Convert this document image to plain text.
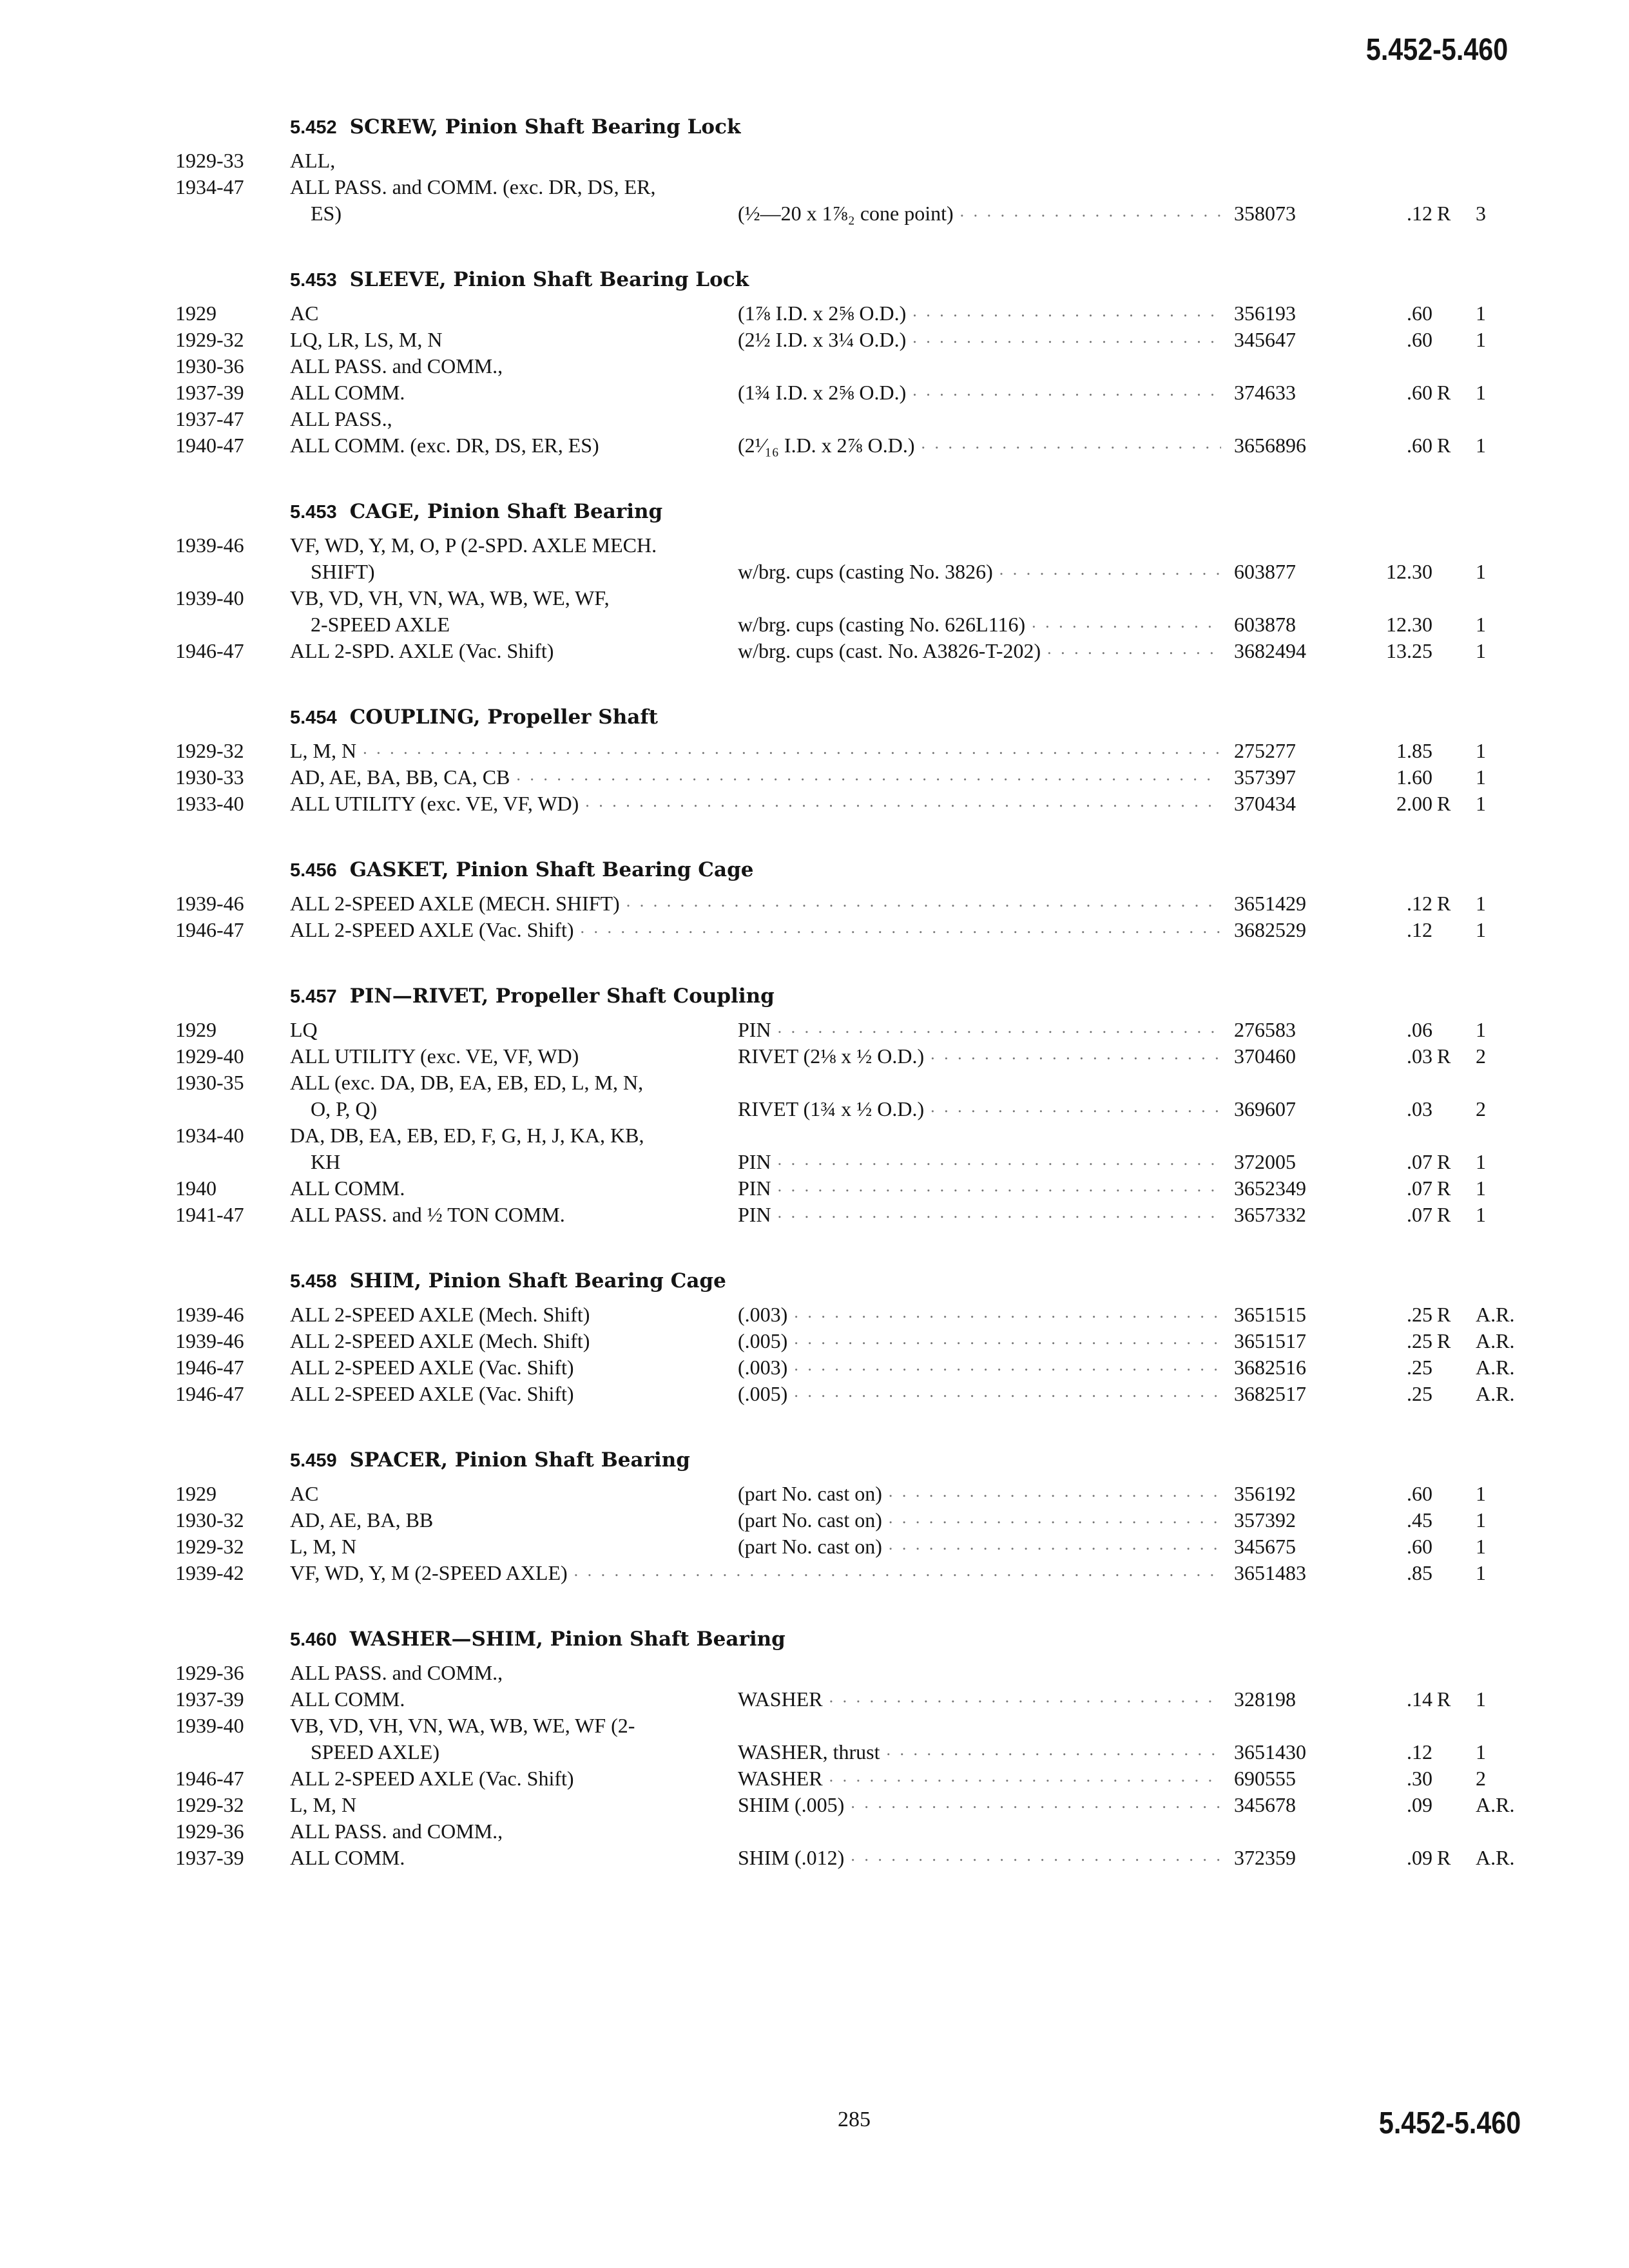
5.452-5.460
5.452 SCREW, Pinion Shaft Bearing Lock
1929-33 ALL,
1934-47 ALL PASS. and COMM. (exc. DR, DS, ER,
ES)	(½—20 x 1⅞₂ cone point)	358073	.12 R 3
. . .
5.453 SLEEVE, Pinion Shaft Bearing Lock
1929	AC	(1⅞ I.D. x 2⅝ O.D.)	356193	.60 1
. . .
1929-32 LQ, LR, LS, M, N	(2½ I.D. x 3¼ O.D.)	345647	.60 1
. . .
1930-36 ALL PASS. and COMM.,
1937-39 ALL COMM.	(1¾ I.D. x 2⅝ O.D.)	374633	.60 R 1
. . .
1937-47 ALL PASS.,
1940-47 ALL COMM. (exc. DR, DS, ER, ES)	(2¹⁄₁₆ I.D. x 2⅞ O.D.)	3656896	.60 R 1
. . .
5.453 CAGE, Pinion Shaft Bearing
1939-46 VF, WD, Y, M, O, P (2-SPD. AXLE MECH.
SHIFT)	w/brg. cups (casting No. 3826)	603877	12.30 1
. . .
1939-40 VB, VD, VH, VN, WA, WB, WE, WF,
2-SPEED AXLE	w/brg. cups (casting No. 626L116)	603878	12.30 1
. . .
1946-47 ALL 2-SPD. AXLE (Vac. Shift)	w/brg. cups (cast. No. A3826-T-202)	3682494	13.25 1
. . .
5.454 COUPLING, Propeller Shaft
1929-32 L, M, N	275277	1.85 1
. . .
1930-33 AD, AE, BA, BB, CA, CB	357397	1.60 1
. . .
1933-40 ALL UTILITY (exc. VE, VF, WD)	370434	2.00 R 1
. . .
5.456 GASKET, Pinion Shaft Bearing Cage
1939-46 ALL 2-SPEED AXLE (MECH. SHIFT)	3651429	.12 R 1
. . .
1946-47 ALL 2-SPEED AXLE (Vac. Shift)	3682529	.12 1
. . .
5.457 PIN—RIVET, Propeller Shaft Coupling
1929	LQ	PIN	276583	.06 1
. . .
1929-40 ALL UTILITY (exc. VE, VF, WD)	RIVET (2⅛ x ½ O.D.)	370460	.03 R 2
. . .
1930-35 ALL (exc. DA, DB, EA, EB, ED, L, M, N,
O, P, Q)	RIVET (1¾ x ½ O.D.)	369607	.03 2
. . .
1934-40 DA, DB, EA, EB, ED, F, G, H, J, KA, KB,
KH	PIN	372005	.07 R 1
. . .
1940	ALL COMM.	PIN	3652349	.07 R 1
. . .
1941-47 ALL PASS. and ½ TON COMM.	PIN	3657332	.07 R 1
. . .
5.458 SHIM, Pinion Shaft Bearing Cage
1939-46 ALL 2-SPEED AXLE (Mech. Shift)	(.003)	3651515	.25 R A.R.
. . .
1939-46 ALL 2-SPEED AXLE (Mech. Shift)	(.005)	3651517	.25 R A.R.
. . .
1946-47 ALL 2-SPEED AXLE (Vac. Shift)	(.003)	3682516	.25 A.R.
. . .
1946-47 ALL 2-SPEED AXLE (Vac. Shift)	(.005)	3682517	.25 A.R.
. . .
5.459 SPACER, Pinion Shaft Bearing
1929	AC	(part No. cast on)	356192	.60 1
. . .
1930-32 AD, AE, BA, BB	(part No. cast on)	357392	.45 1
. . .
1929-32 L, M, N	(part No. cast on)	345675	.60 1
. . .
1939-42 VF, WD, Y, M (2-SPEED AXLE)	3651483	.85 1
. . .
5.460 WASHER—SHIM, Pinion Shaft Bearing
1929-36 ALL PASS. and COMM.,
1937-39 ALL COMM.	WASHER	328198	.14 R 1
. . .
1939-40 VB, VD, VH, VN, WA, WB, WE, WF (2-
SPEED AXLE)	WASHER, thrust	3651430	.12 1
. . .
1946-47 ALL 2-SPEED AXLE (Vac. Shift)	WASHER	690555	.30 2
. . .
1929-32 L, M, N	SHIM (.005)	345678	.09 A.R.
. . .
1929-36 ALL PASS. and COMM.,
1937-39 ALL COMM.	SHIM (.012)	372359	.09 R A.R.
. . .
285	5.452-5.460
